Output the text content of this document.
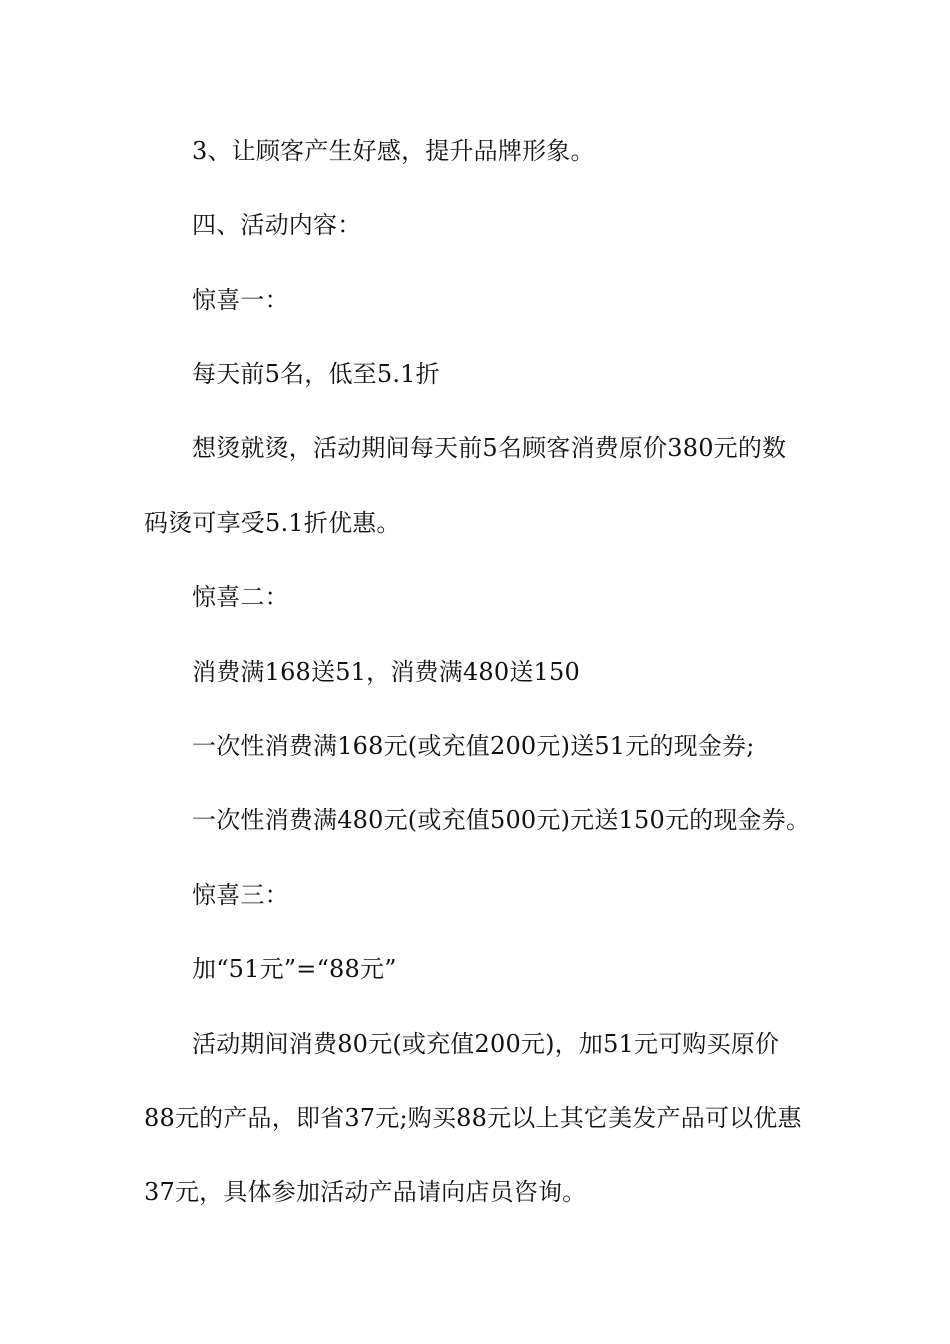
3、让顾客产生好感，提升品牌形象。
四、活动内容：
惊喜一：
每天前5名，低至5.1折
想烫就烫，活动期间每天前5名顾客消费原价380元的数
码烫可享受5.1折优惠。
惊喜二：
消费满168送51，消费满480送150
一次性消费满168元(或充值200元)送51元的现金券;
一次性消费满480元(或充值500元)元送150元的现金券。
惊喜三：
加“51元”=“88元”
活动期间消费80元(或充值200元)，加51元可购买原价
88元的产品，即省37元;购买88元以上其它美发产品可以优惠
37元，具体参加活动产品请向店员咨询。
